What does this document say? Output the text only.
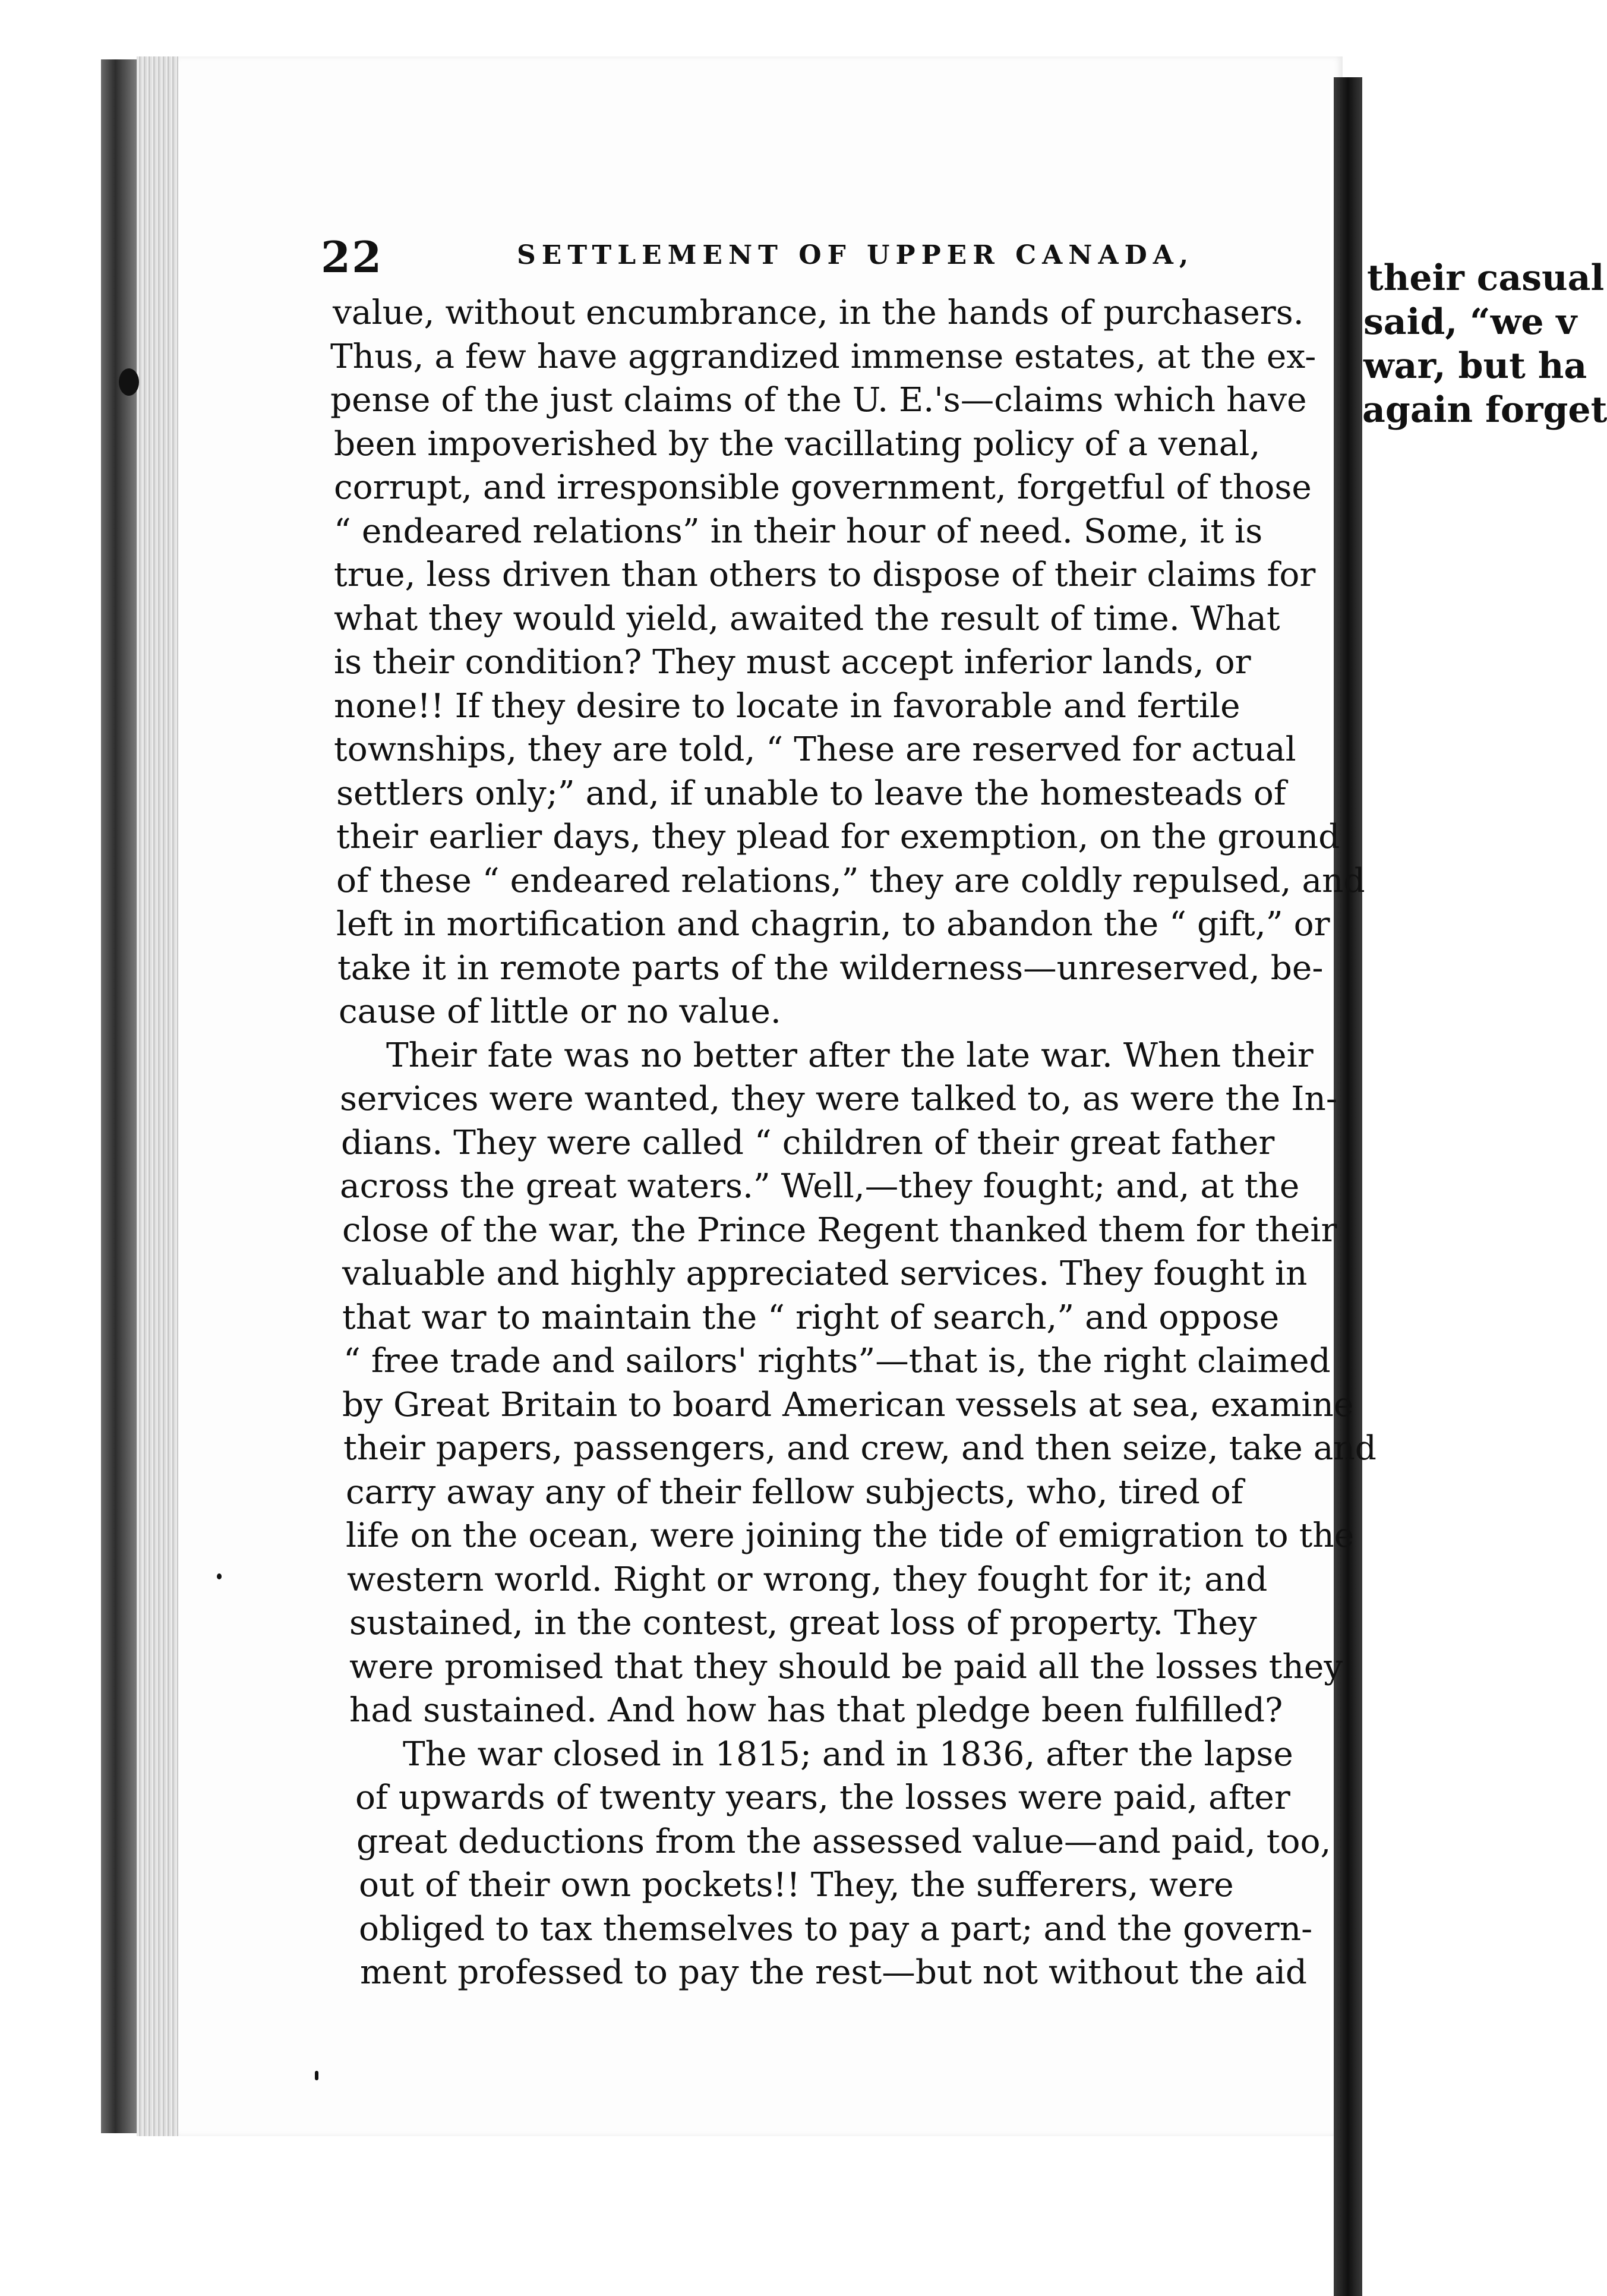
their casual
said, “we v
war, but ha
again forget
22	SETTLEMENT OF UPPER CANADA,
value, without encumbrance, in the hands of purchasers.
Thus, a few have aggrandized immense estates, at the ex-
pense of the just claims of the U. E.'s—claims which have
been impoverished by the vacillating policy of a venal,
corrupt, and irresponsible government, forgetful of those
“ endeared relations” in their hour of need. Some, it is
true, less driven than others to dispose of their claims for
what they would yield, awaited the result of time. What
is their condition? They must accept inferior lands, or
none!! If they desire to locate in favorable and fertile
townships, they are told, “ These are reserved for actual
settlers only;” and, if unable to leave the homesteads of
their earlier days, they plead for exemption, on the ground
of these “ endeared relations,” they are coldly repulsed, and
left in mortification and chagrin, to abandon the “ gift,” or
take it in remote parts of the wilderness—unreserved, be-
cause of little or no value.
Their fate was no better after the late war. When their
services were wanted, they were talked to, as were the In-
dians. They were called “ children of their great father
across the great waters.” Well,—they fought; and, at the
close of the war, the Prince Regent thanked them for their
valuable and highly appreciated services. They fought in
that war to maintain the “ right of search,” and oppose
“ free trade and sailors' rights”—that is, the right claimed
by Great Britain to board American vessels at sea, examine
their papers, passengers, and crew, and then seize, take and
carry away any of their fellow subjects, who, tired of
life on the ocean, were joining the tide of emigration to the
western world. Right or wrong, they fought for it; and
sustained, in the contest, great loss of property. They
were promised that they should be paid all the losses they
had sustained. And how has that pledge been fulfilled?
The war closed in 1815; and in 1836, after the lapse
of upwards of twenty years, the losses were paid, after
great deductions from the assessed value—and paid, too,
out of their own pockets!! They, the sufferers, were
obliged to tax themselves to pay a part; and the govern-
ment professed to pay the rest—but not without the aid
